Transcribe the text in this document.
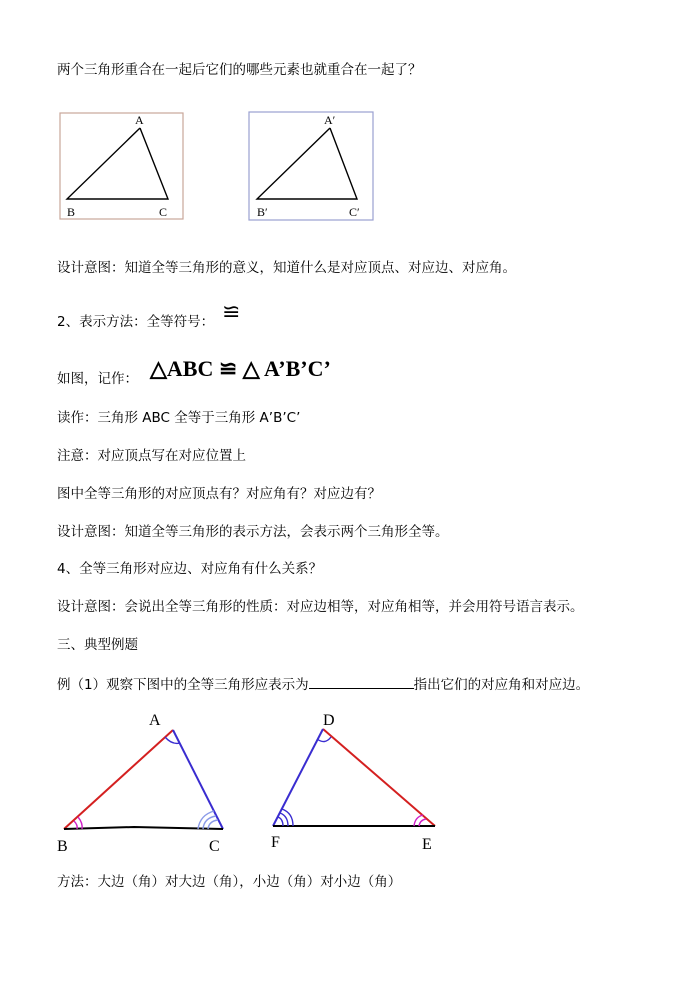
两个三角形重合在一起后它们的哪些元素也就重合在一起了？
A
B	C
A′
B′	C′
设计意图：知道全等三角形的意义，知道什么是对应顶点、对应边、对应角。
2、表示方法：全等符号： ≌
如图，记作： △ABC ≌ △ A’B’C’
读作：三角形 ABC 全等于三角形 A’B’C’
注意：对应顶点写在对应位置上
图中全等三角形的对应顶点有？对应角有？对应边有？
设计意图：知道全等三角形的表示方法，会表示两个三角形全等。
4、全等三角形对应边、对应角有什么关系？
设计意图：会说出全等三角形的性质：对应边相等，对应角相等，并会用符号语言表示。
三、典型例题
例（1）观察下图中的全等三角形应表示为	指出它们的对应角和对应边。
A
B	C
D
E
F
方法：大边（角）对大边（角），小边（角）对小边（角）
